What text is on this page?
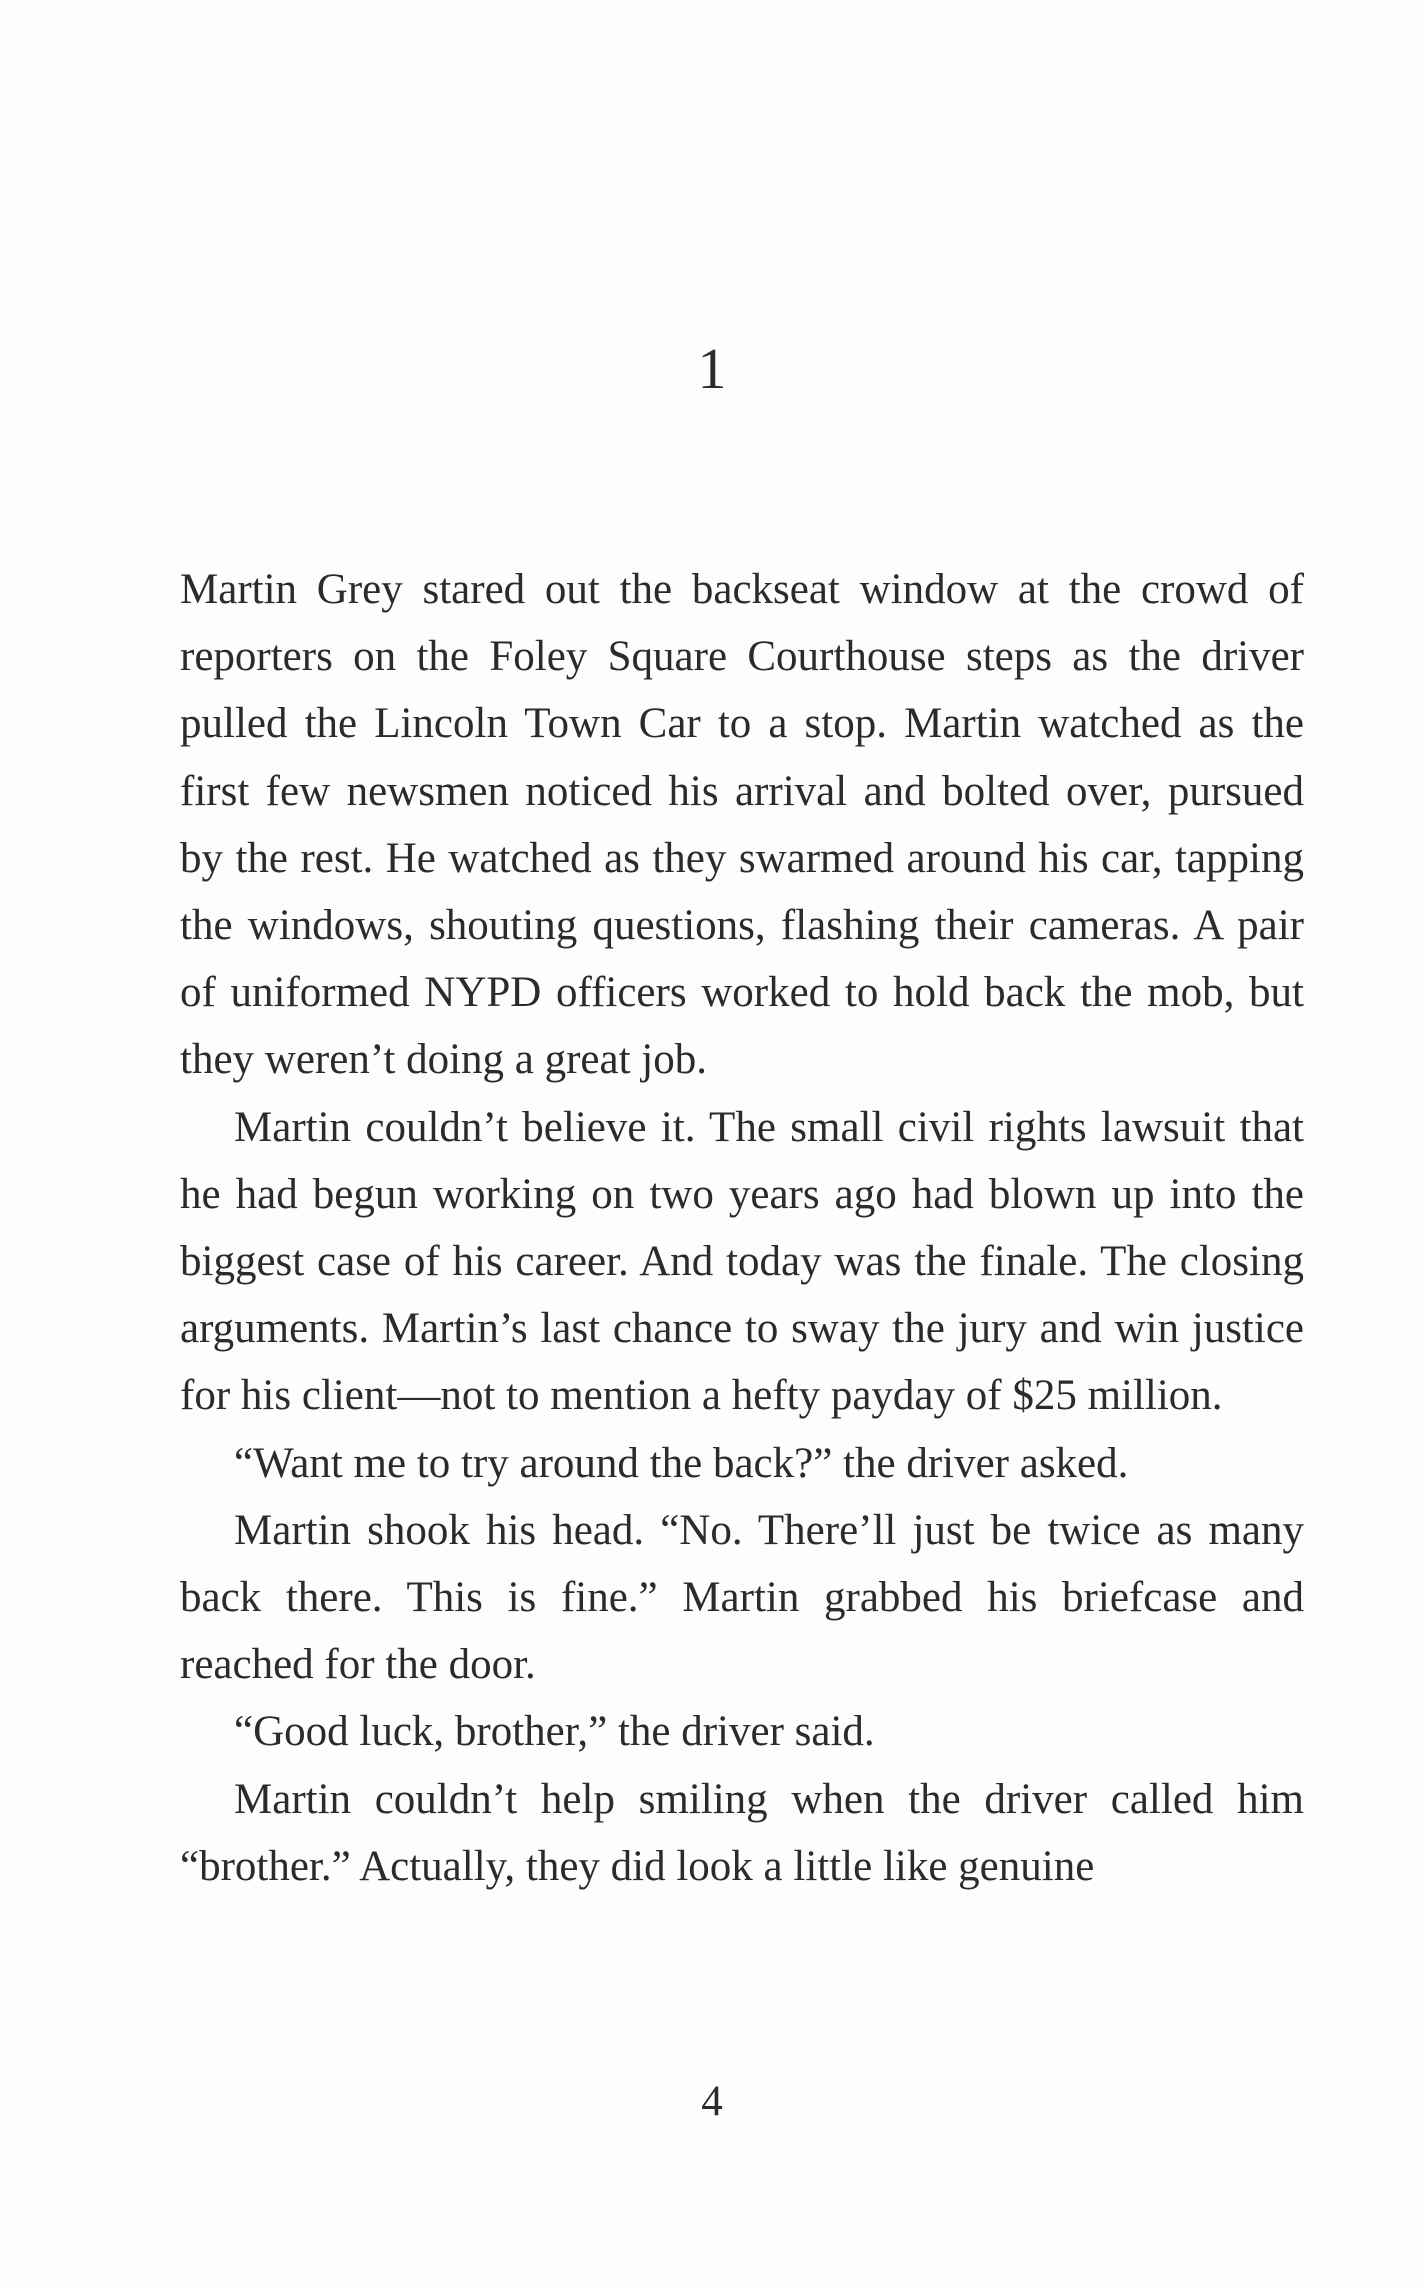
1

Martin Grey stared out the backseat window at the crowd of reporters on the Foley Square Courthouse steps as the driver pulled the Lincoln Town Car to a stop. Martin watched as the first few newsmen noticed his arrival and bolted over, pursued by the rest. He watched as they swarmed around his car, tapping the windows, shouting questions, flashing their cameras. A pair of uniformed NYPD officers worked to hold back the mob, but they weren’t doing a great job.

Martin couldn’t believe it. The small civil rights lawsuit that he had begun working on two years ago had blown up into the biggest case of his career. And today was the finale. The closing arguments. Martin’s last chance to sway the jury and win justice for his client—not to mention a hefty payday of $25 million.

“Want me to try around the back?” the driver asked.

Martin shook his head. “No. There’ll just be twice as many back there. This is fine.” Martin grabbed his briefcase and reached for the door.

“Good luck, brother,” the driver said.

Martin couldn’t help smiling when the driver called him “brother.” Actually, they did look a little like genuine

4
